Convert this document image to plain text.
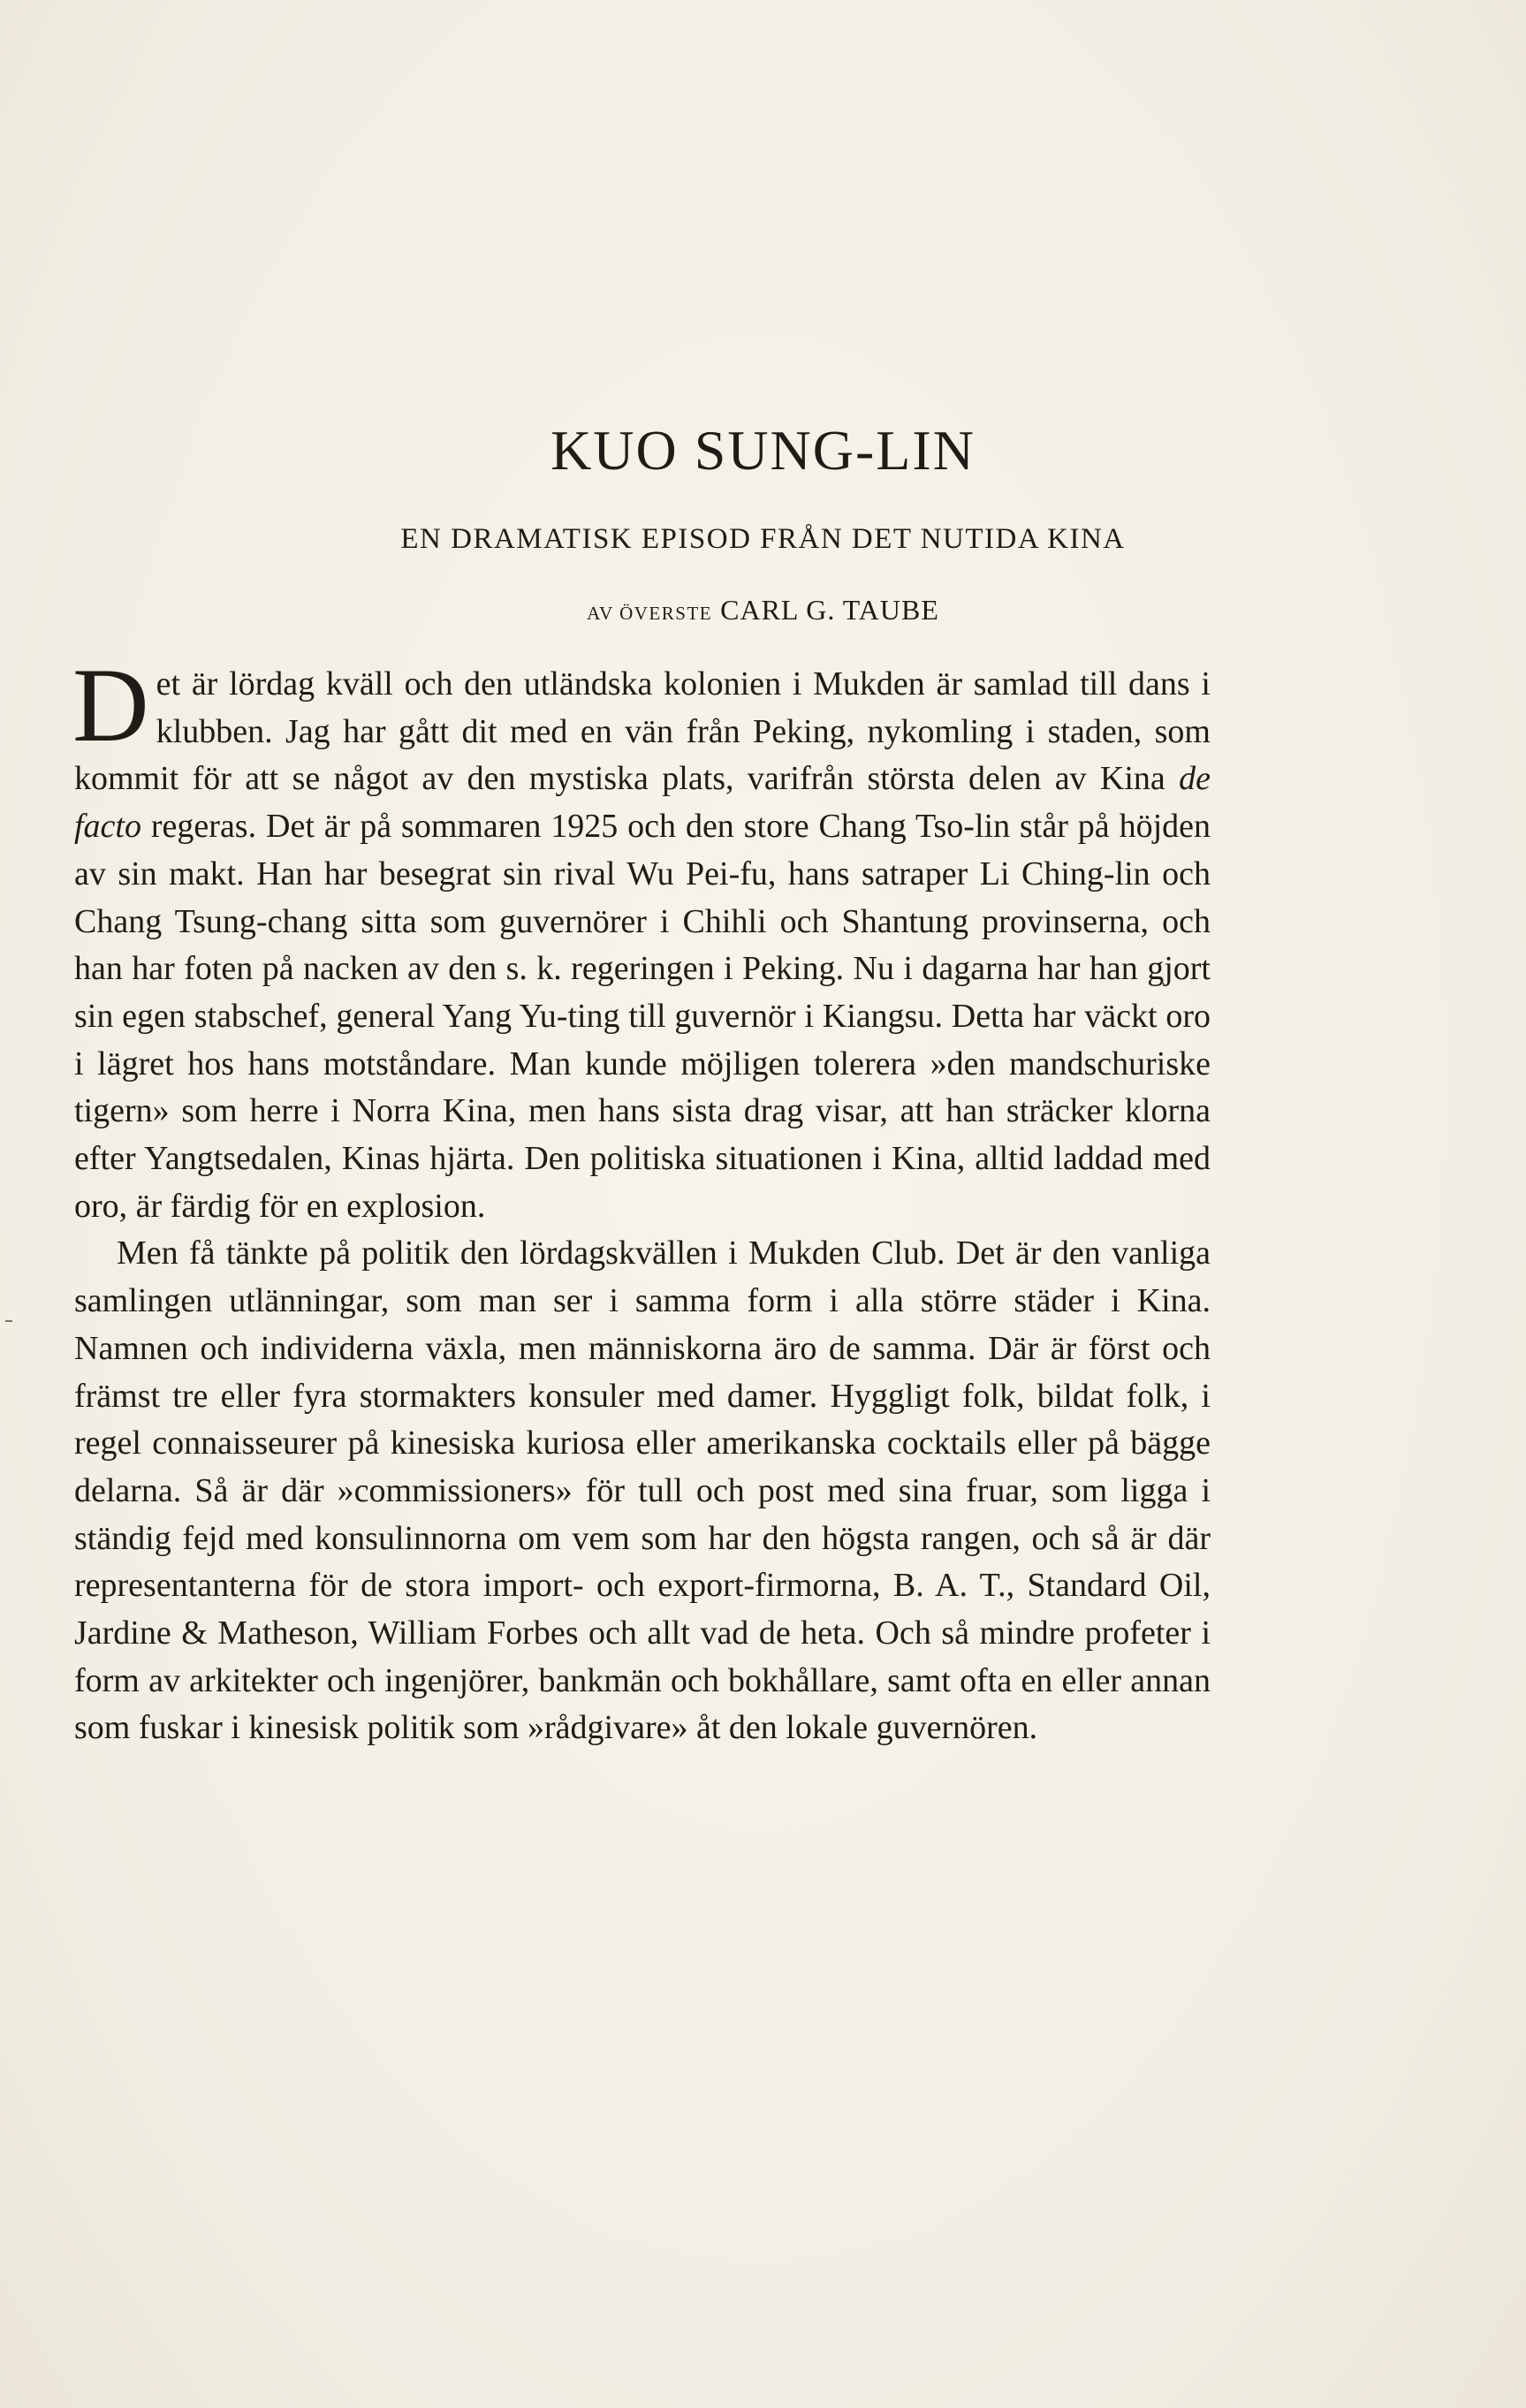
KUO SUNG-LIN
EN DRAMATISK EPISOD FRÅN DET NUTIDA KINA
AV ÖVERSTE CARL G. TAUBE

Det är lördag kväll och den utländska kolonien i Mukden är samlad till dans i klubben. Jag har gått dit med en vän från Peking, nykomling i staden, som kommit för att se något av den mystiska plats, varifrån största delen av Kina de facto regeras. Det är på sommaren 1925 och den store Chang Tso-lin står på höjden av sin makt. Han har besegrat sin rival Wu Pei-fu, hans satraper Li Ching-lin och Chang Tsung-chang sitta som guvernörer i Chihli och Shantung provinserna, och han har foten på nacken av den s. k. regeringen i Peking. Nu i dagarna har han gjort sin egen stabschef, general Yang Yu-ting till guvernör i Kiangsu. Detta har väckt oro i lägret hos hans motståndare. Man kunde möjligen tolerera »den mandschuriske tigern» som herre i Norra Kina, men hans sista drag visar, att han sträcker klorna efter Yangtsedalen, Kinas hjärta. Den politiska situationen i Kina, alltid laddad med oro, är färdig för en explosion.

Men få tänkte på politik den lördagskvällen i Mukden Club. Det är den vanliga samlingen utlänningar, som man ser i samma form i alla större städer i Kina. Namnen och individerna växla, men människorna äro de samma. Där är först och främst tre eller fyra stormakters konsuler med damer. Hyggligt folk, bildat folk, i regel connaisseurer på kinesiska kuriosa eller amerikanska cocktails eller på bägge delarna. Så är där »commissioners» för tull och post med sina fruar, som ligga i ständig fejd med konsulinnorna om vem som har den högsta rangen, och så är där representanterna för de stora import- och export-firmorna, B. A. T., Standard Oil, Jardine & Matheson, William Forbes och allt vad de heta. Och så mindre profeter i form av arkitekter och ingenjörer, bankmän och bokhållare, samt ofta en eller annan som fuskar i kinesisk politik som »rådgivare» åt den lokale guvernören.
